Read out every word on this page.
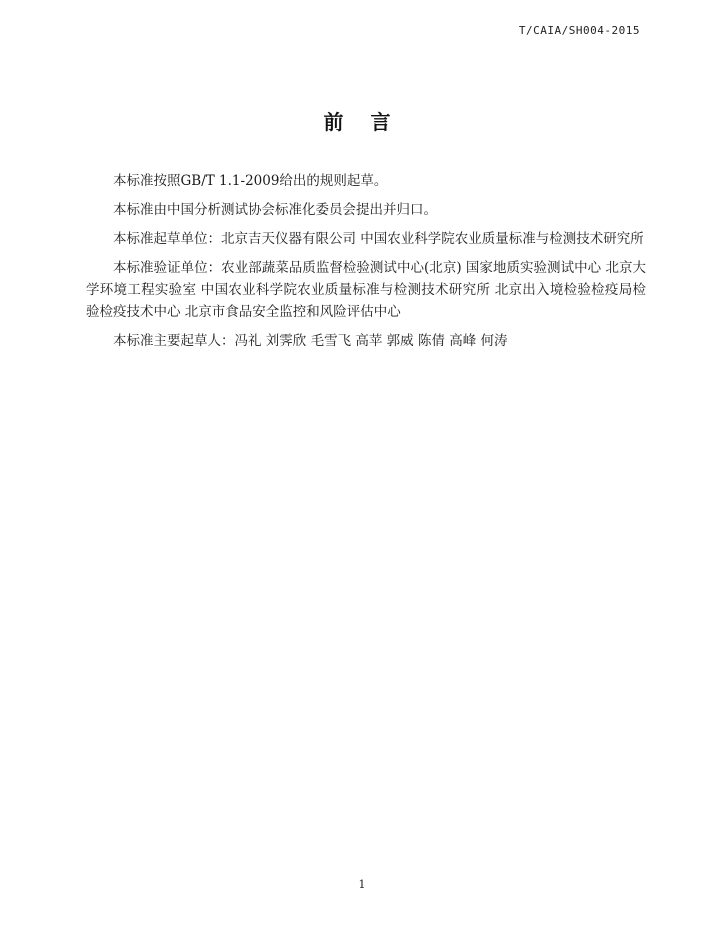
T/CAIA/SH004-2015
前 言

本标准按照GB/T 1.1-2009给出的规则起草。

本标准由中国分析测试协会标准化委员会提出并归口。

本标准起草单位：北京吉天仪器有限公司 中国农业科学院农业质量标准与检测技术研究所

本标准验证单位：农业部蔬菜品质监督检验测试中心(北京) 国家地质实验测试中心 北京大学环境工程实验室 中国农业科学院农业质量标准与检测技术研究所 北京出入境检验检疫局检验检疫技术中心 北京市食品安全监控和风险评估中心

本标准主要起草人：冯礼 刘霁欣 毛雪飞 高苹 郭威 陈倩 高峰 何涛

1
